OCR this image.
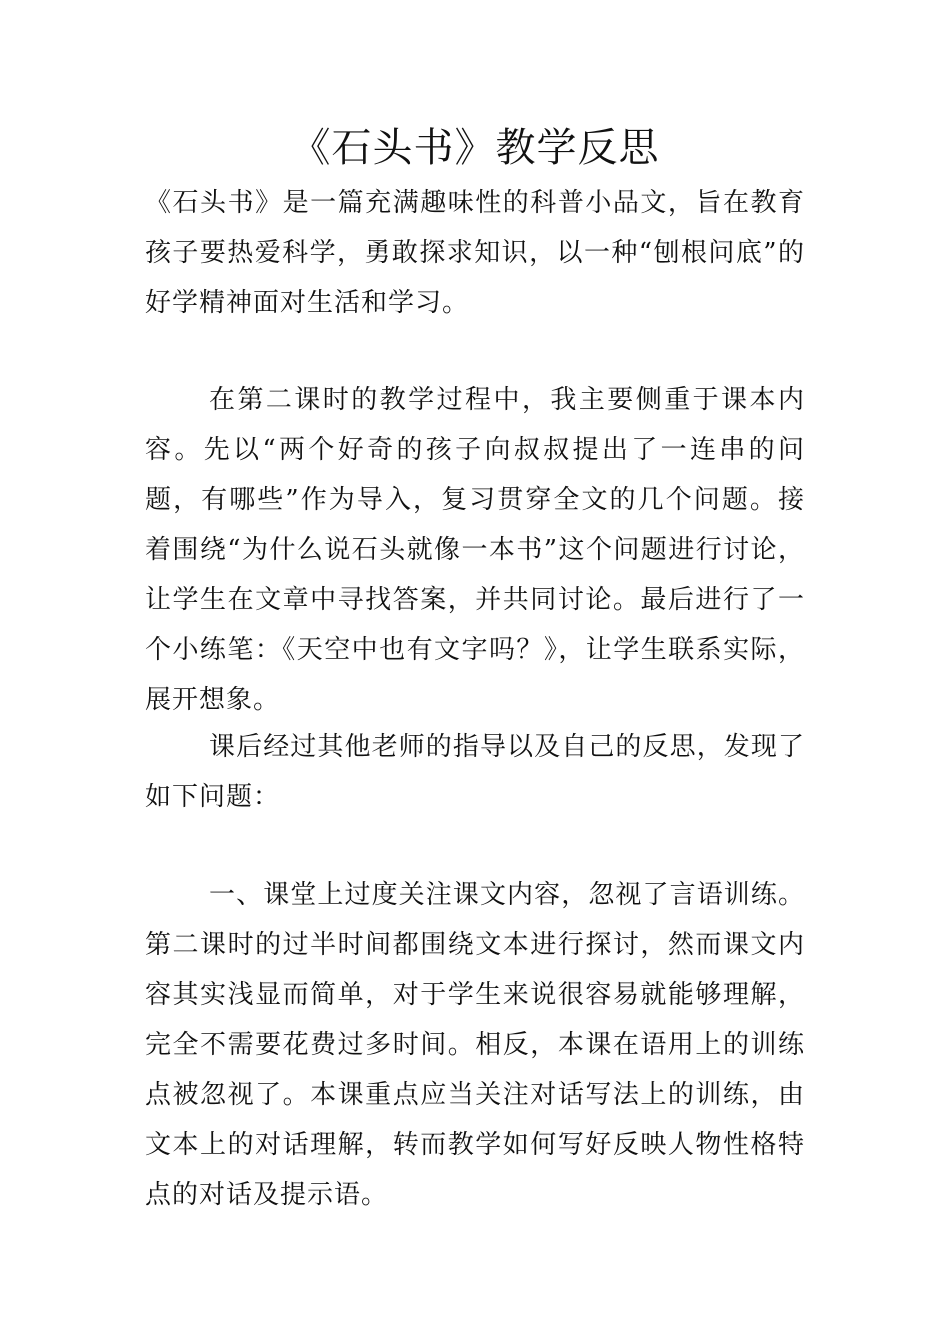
《石头书》教学反思

《石头书》是一篇充满趣味性的科普小品文，旨在教育孩子要热爱科学，勇敢探求知识，以一种“刨根问底”的好学精神面对生活和学习。

在第二课时的教学过程中，我主要侧重于课本内容。先以“两个好奇的孩子向叔叔提出了一连串的问题，有哪些”作为导入，复习贯穿全文的几个问题。接着围绕“为什么说石头就像一本书”这个问题进行讨论，让学生在文章中寻找答案，并共同讨论。最后进行了一个小练笔：《天空中也有文字吗？》，让学生联系实际，展开想象。

课后经过其他老师的指导以及自己的反思，发现了如下问题：

一、课堂上过度关注课文内容，忽视了言语训练。第二课时的过半时间都围绕文本进行探讨，然而课文内容其实浅显而简单，对于学生来说很容易就能够理解，完全不需要花费过多时间。相反，本课在语用上的训练点被忽视了。本课重点应当关注对话写法上的训练，由文本上的对话理解，转而教学如何写好反映人物性格特点的对话及提示语。
